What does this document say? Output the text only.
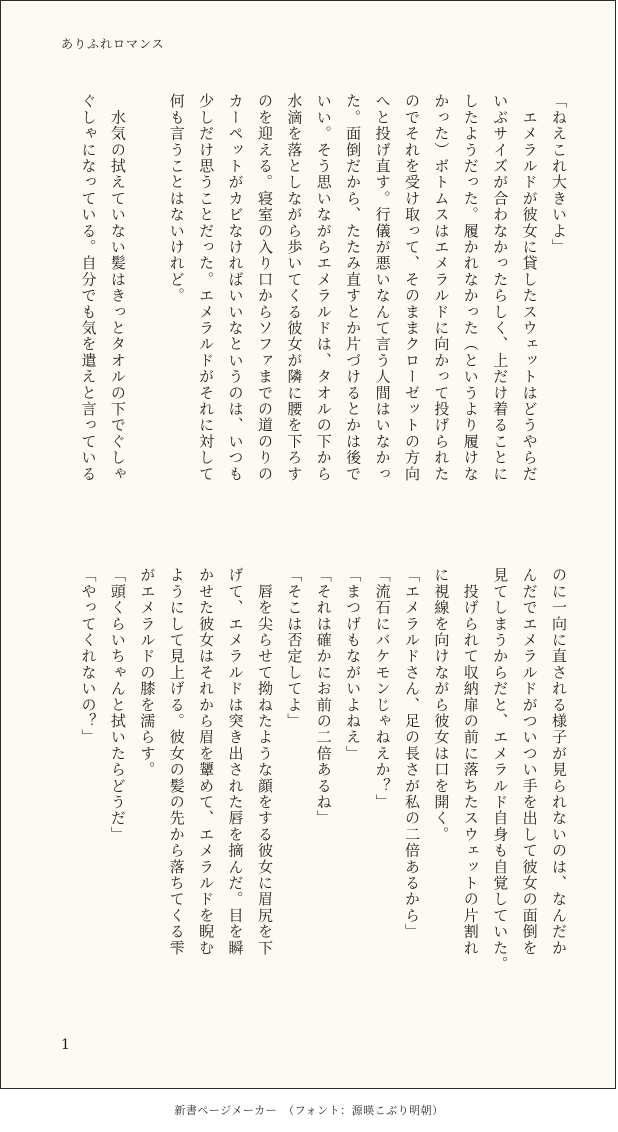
ありふれロマンス
「ねえこれ大きいよ」
　エメラルドが彼女に貸したスウェットはどうやらだ
いぶサイズが合わなかったらしく、上だけ着ることに
したようだった。履かれなかった（というより履けな
かった）ボトムスはエメラルドに向かって投げられた
のでそれを受け取って、そのままクローゼットの方向
へと投げ直す。行儀が悪いなんて言う人間はいなかっ
た。面倒だから、たたみ直すとか片づけるとかは後で
いい。そう思いながらエメラルドは、タオルの下から
水滴を落としながら歩いてくる彼女が隣に腰を下ろす
のを迎える。寝室の入り口からソファまでの道のりの
カーペットがカビなければいいなというのは、いつも
少しだけ思うことだった。エメラルドがそれに対して
何も言うことはないけれど。
　水気の拭えていない髪はきっとタオルの下でぐしゃ
ぐしゃになっている。自分でも気を遣えと言っている
のに一向に直される様子が見られないのは、なんだか
んだでエメラルドがついつい手を出して彼女の面倒を
見てしまうからだと、エメラルド自身も自覚していた。
　投げられて収納扉の前に落ちたスウェットの片割れ
に視線を向けながら彼女は口を開く。
「エメラルドさん、足の長さが私の二倍あるから」
「流石にバケモンじゃねえか？」
「まつげもながいよねえ」
「それは確かにお前の二倍あるね」
「そこは否定してよ」
　唇を尖らせて拗ねたような顔をする彼女に眉尻を下
げて、エメラルドは突き出された唇を摘んだ。目を瞬
かせた彼女はそれから眉を顰めて、エメラルドを睨む
ようにして見上げる。彼女の髪の先から落ちてくる雫
がエメラルドの膝を濡らす。
「頭くらいちゃんと拭いたらどうだ」
「やってくれないの？」
1
新書ページメーカー　（フォント：源暎こぶり明朝）
